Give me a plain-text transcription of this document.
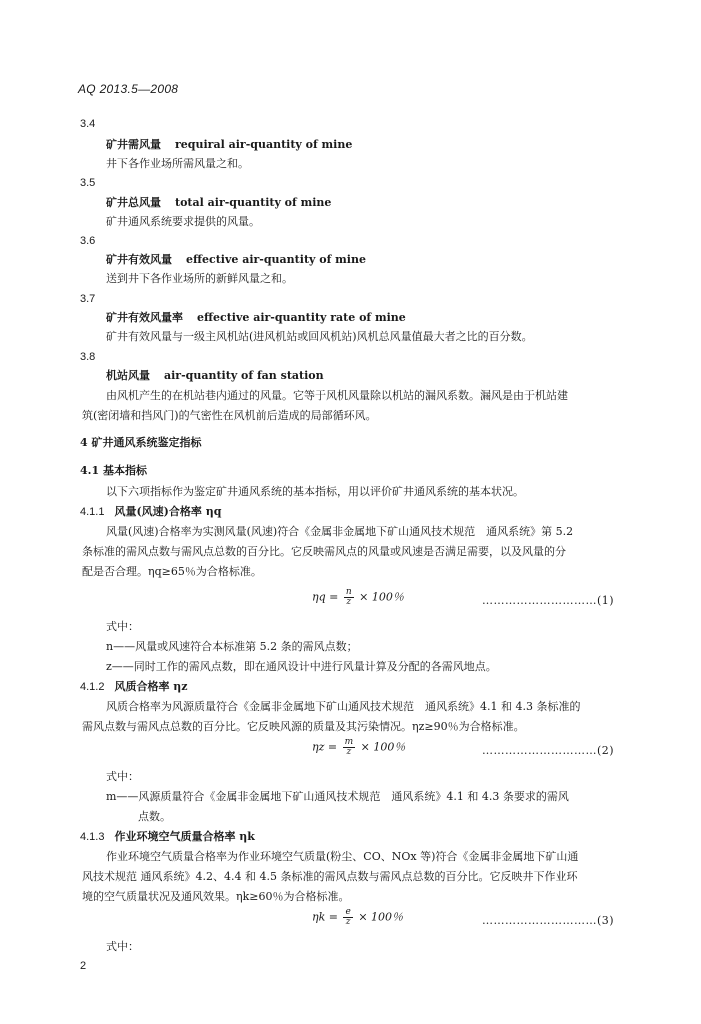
AQ 2013.5—2008
3.4
矿井需风量 requiral air-quantity of mine
井下各作业场所需风量之和。
3.5
矿井总风量 total air-quantity of mine
矿井通风系统要求提供的风量。
3.6
矿井有效风量 effective air-quantity of mine
送到井下各作业场所的新鲜风量之和。
3.7
矿井有效风量率 effective air-quantity rate of mine
矿井有效风量与一级主风机站(进风机站或回风机站)风机总风量值最大者之比的百分数。
3.8
机站风量 air-quantity of fan station
由风机产生的在机站巷内通过的风量。它等于风机风量除以机站的漏风系数。漏风是由于机站建
筑(密闭墙和挡风门)的气密性在风机前后造成的局部循环风。
4 矿井通风系统鉴定指标
4.1 基本指标
以下六项指标作为鉴定矿井通风系统的基本指标，用以评价矿井通风系统的基本状况。
4.1.1 风量(风速)合格率 ηq
风量(风速)合格率为实测风量(风速)符合《金属非金属地下矿山通风技术规范　通风系统》第 5.2
条标准的需风点数与需风点总数的百分比。它反映需风点的风量或风速是否满足需要，以及风量的分
配是否合理。ηq≥65％为合格标准。
$\eta q = \frac{n}{z} \times 100$％	…………………………(1)
式中：
n——风量或风速符合本标准第 5.2 条的需风点数；
z——同时工作的需风点数，即在通风设计中进行风量计算及分配的各需风地点。
4.1.2 风质合格率 ηz
风质合格率为风源质量符合《金属非金属地下矿山通风技术规范　通风系统》4.1 和 4.3 条标准的
需风点数与需风点总数的百分比。它反映风源的质量及其污染情况。ηz≥90％为合格标准。
$\eta z = \frac{m}{z} \times 100$％	…………………………(2)
式中：
m——风源质量符合《金属非金属地下矿山通风技术规范　通风系统》4.1 和 4.3 条要求的需风
点数。
4.1.3 作业环境空气质量合格率 ηk
作业环境空气质量合格率为作业环境空气质量(粉尘、CO、NOx 等)符合《金属非金属地下矿山通
风技术规范 通风系统》4.2、4.4 和 4.5 条标准的需风点数与需风点总数的百分比。它反映井下作业环
境的空气质量状况及通风效果。ηk≥60％为合格标准。
$\eta k = \frac{e}{z} \times 100$％	…………………………(3)
式中：
2
